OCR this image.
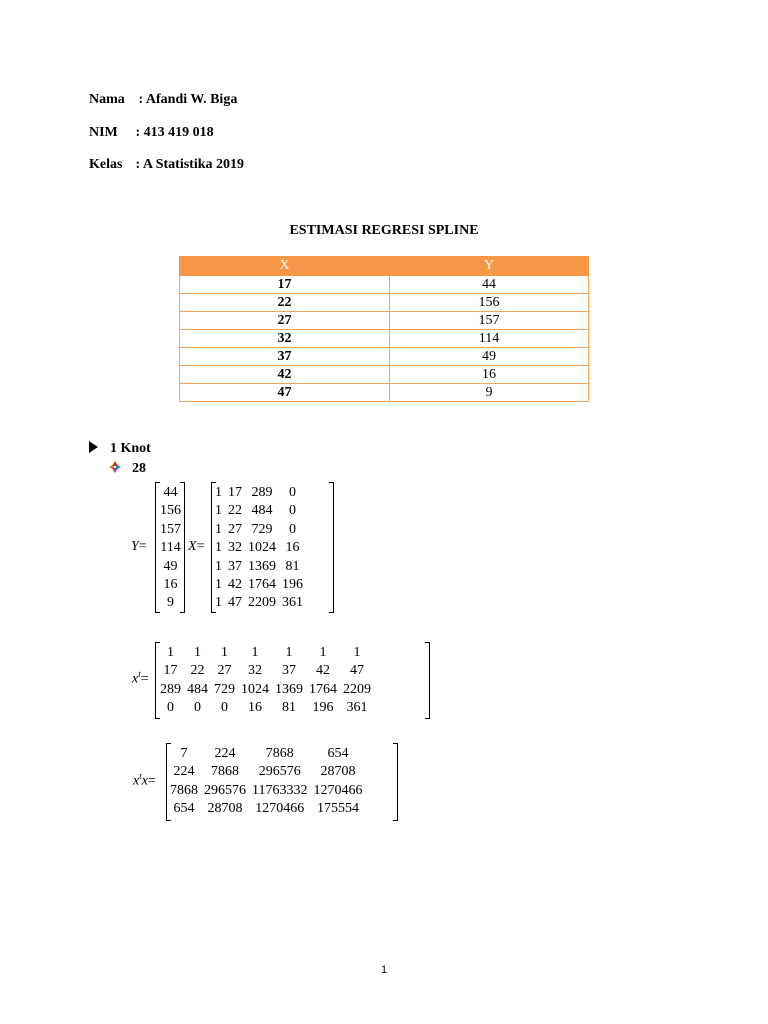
Nama : Afandi W. Biga
NIM : 413 419 018
Kelas : A Statistika 2019
ESTIMASI REGRESI SPLINE
X	Y
17	44
22	156
27	157
32	114
37	49
42	16
47	9
1 Knot
28
Y=
44
156
157
114
49
16
9
X=
1	17	289	0
1	22	484	0
1	27	729	0
1	32	1024	16
1	37	1369	81
1	42	1764	196
1	47	2209	361
$x^t=$
1	1	1	1	1	1	1
17	22	27	32	37	42	47
289	484	729	1024	1369	1764	2209
0	0	0	16	81	196	361
$x^tx=$
7	224	7868	654
224	7868	296576	28708
7868	296576	11763332	1270466
654	28708	1270466	175554
1
